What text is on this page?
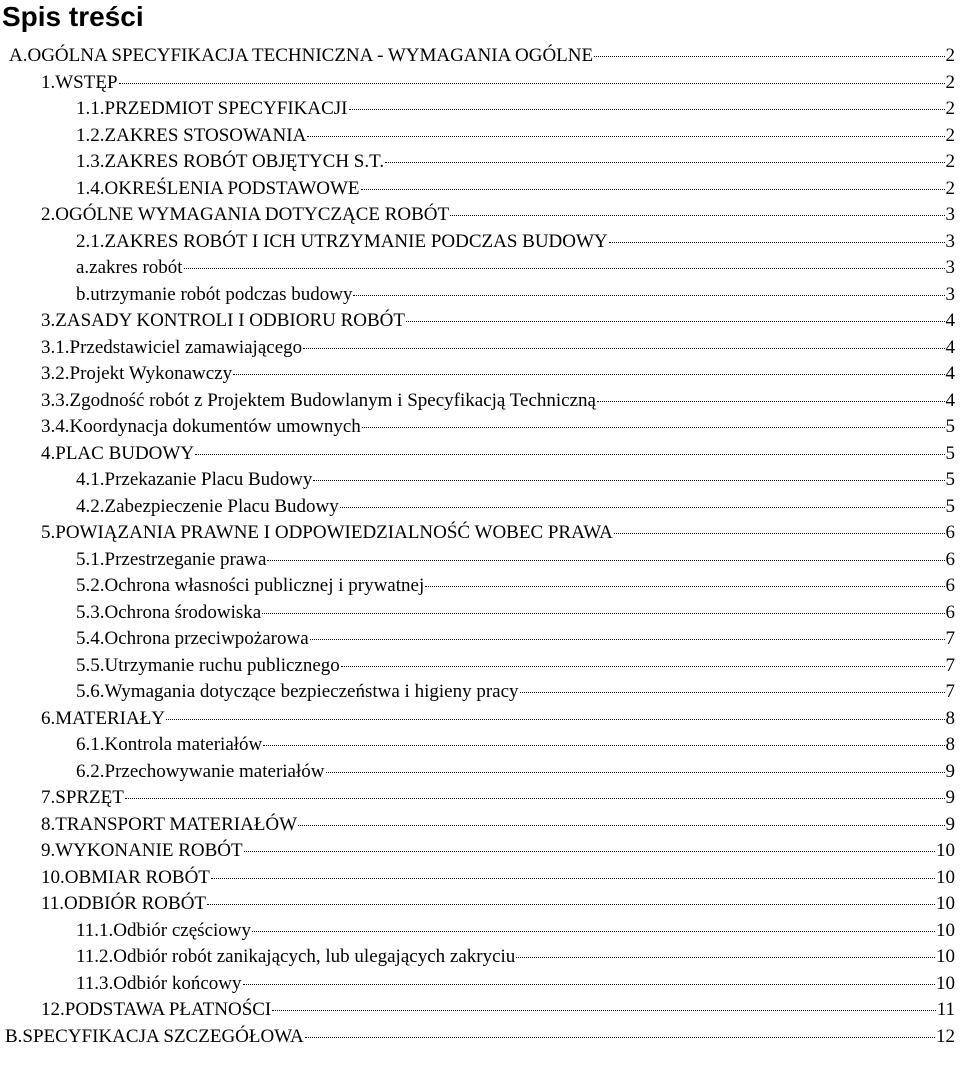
Spis treści
A.OGÓLNA SPECYFIKACJA TECHNICZNA - WYMAGANIA OGÓLNE	2
1.WSTĘP	2
1.1.PRZEDMIOT SPECYFIKACJI	2
1.2.ZAKRES STOSOWANIA	2
1.3.ZAKRES ROBÓT OBJĘTYCH S.T.	2
1.4.OKREŚLENIA PODSTAWOWE	2
2.OGÓLNE WYMAGANIA DOTYCZĄCE ROBÓT	3
2.1.ZAKRES ROBÓT I ICH UTRZYMANIE PODCZAS BUDOWY	3
a.zakres robót	3
b.utrzymanie robót podczas budowy	3
3.ZASADY KONTROLI I ODBIORU ROBÓT	4
3.1.Przedstawiciel zamawiającego	4
3.2.Projekt Wykonawczy	4
3.3.Zgodność robót z Projektem Budowlanym i Specyfikacją Techniczną	4
3.4.Koordynacja dokumentów umownych	5
4.PLAC BUDOWY	5
4.1.Przekazanie Placu Budowy	5
4.2.Zabezpieczenie Placu Budowy	5
5.POWIĄZANIA PRAWNE I ODPOWIEDZIALNOŚĆ WOBEC PRAWA	6
5.1.Przestrzeganie prawa	6
5.2.Ochrona własności publicznej i prywatnej	6
5.3.Ochrona środowiska	6
5.4.Ochrona przeciwpożarowa	7
5.5.Utrzymanie ruchu publicznego	7
5.6.Wymagania dotyczące bezpieczeństwa i higieny pracy	7
6.MATERIAŁY	8
6.1.Kontrola materiałów	8
6.2.Przechowywanie materiałów	9
7.SPRZĘT	9
8.TRANSPORT MATERIAŁÓW	9
9.WYKONANIE ROBÓT	10
10.OBMIAR ROBÓT	10
11.ODBIÓR ROBÓT	10
11.1.Odbiór częściowy	10
11.2.Odbiór robót zanikających, lub ulegających zakryciu	10
11.3.Odbiór końcowy	10
12.PODSTAWA PŁATNOŚCI	11
B.SPECYFIKACJA SZCZEGÓŁOWA	12
